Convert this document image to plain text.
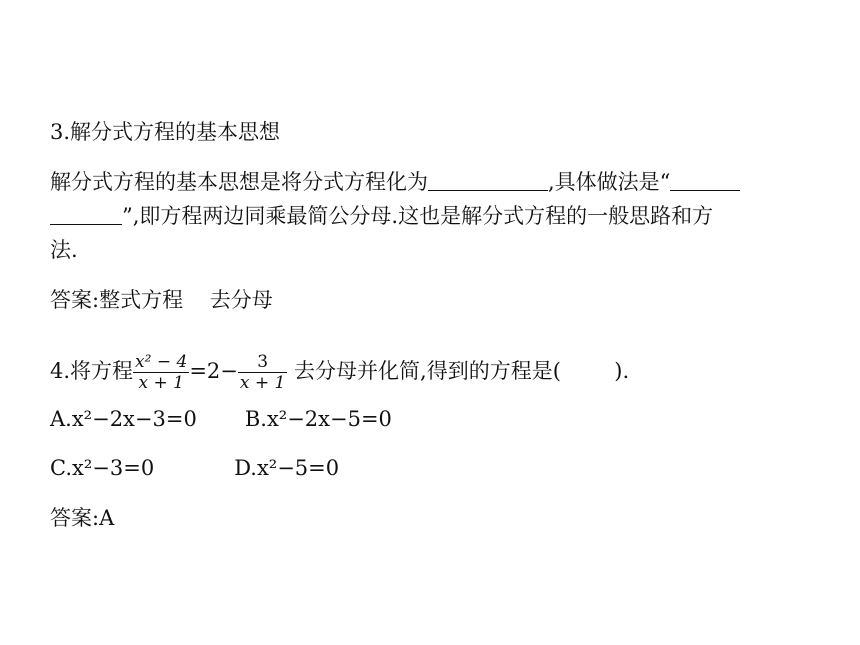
3.解分式方程的基本思想
解分式方程的基本思想是将分式方程化为	,具体做法是“
”,即方程两边同乘最简公分母.这也是解分式方程的一般思路和方
法.
答案:整式方程    去分母
4.将方程 $\frac{\text{x² − 4}}{x + 1} =2- \frac{3}{x + 1}$ 去分母并化简,得到的方程是(        ).
A.x²−2x−3=0 B.x²−2x−5=0
C.x²−3=0	D.x²−5=0
答案:A
